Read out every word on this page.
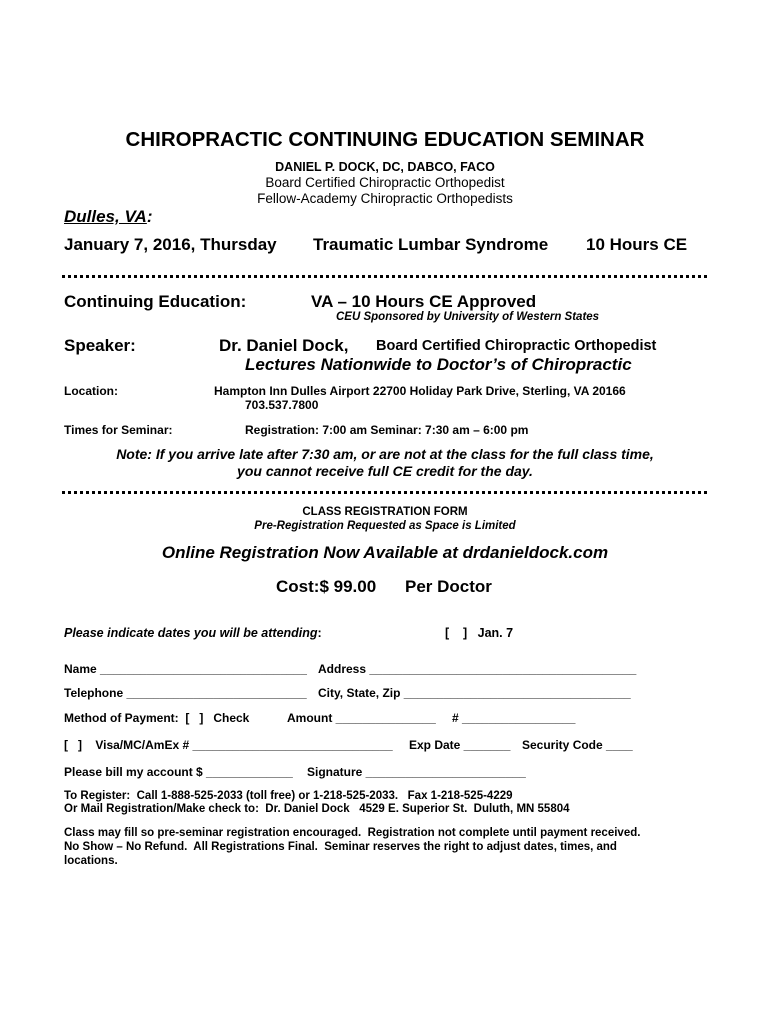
CHIROPRACTIC CONTINUING EDUCATION SEMINAR
DANIEL P. DOCK, DC, DABCO, FACO
Board Certified Chiropractic Orthopedist
Fellow-Academy Chiropractic Orthopedists
Dulles, VA:
January 7, 2016, Thursday Traumatic Lumbar Syndrome 10 Hours CE
Continuing Education:	VA – 10 Hours CE Approved
CEU Sponsored by University of Western States
Speaker:	Dr. Daniel Dock, Board Certified Chiropractic Orthopedist
Lectures Nationwide to Doctor’s of Chiropractic
Location:	Hampton Inn Dulles Airport 22700 Holiday Park Drive, Sterling, VA 20166
703.537.7800
Times for Seminar:	Registration: 7:00 am Seminar: 7:30 am – 6:00 pm
Note: If you arrive late after 7:30 am, or are not at the class for the full class time,
you cannot receive full CE credit for the day.
CLASS REGISTRATION FORM
Pre-Registration Requested as Space is Limited
Online Registration Now Available at drdanieldock.com
Cost:$ 99.00 Per Doctor
Please indicate dates you will be attending:	[    ]   Jan. 7
Name _______________________________ Address ________________________________________
Telephone ___________________________ City, State, Zip __________________________________
Method of Payment:  [   ]   Check	Amount _______________ # _________________
[   ]    Visa/MC/AmEx # ______________________________ Exp Date _______ Security Code ____
Please bill my account $ _____________ Signature ________________________
To Register:  Call 1-888-525-2033 (toll free) or 1-218-525-2033.   Fax 1-218-525-4229
Or Mail Registration/Make check to:  Dr. Daniel Dock   4529 E. Superior St.  Duluth, MN 55804
Class may fill so pre-seminar registration encouraged.  Registration not complete until payment received.
No Show – No Refund.  All Registrations Final.  Seminar reserves the right to adjust dates, times, and
locations.
